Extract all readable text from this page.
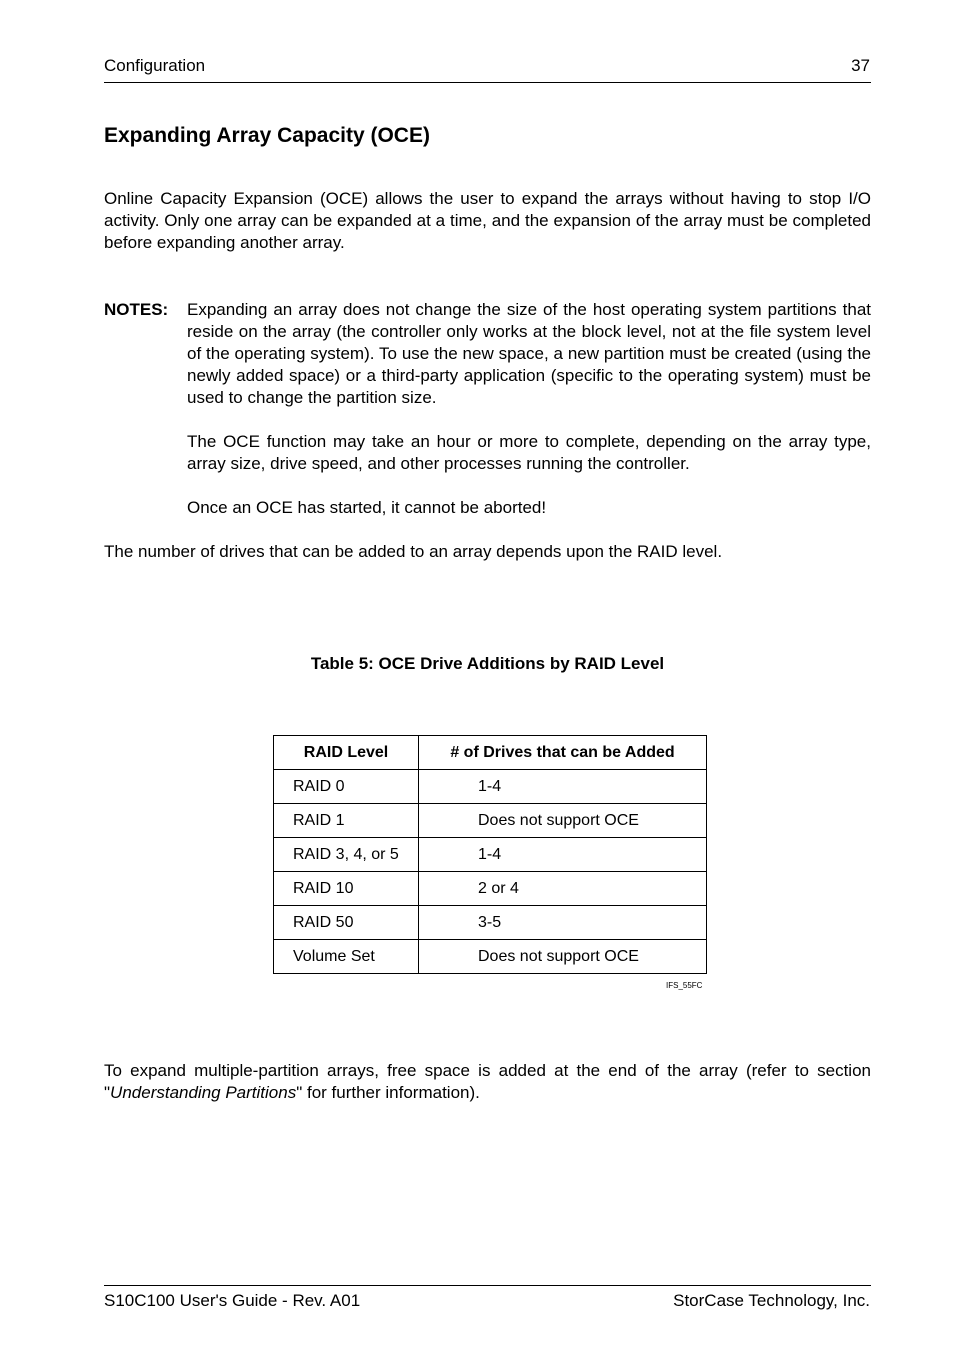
Configuration	37
Expanding Array Capacity (OCE)
Online Capacity Expansion (OCE) allows the user to expand the arrays without having to stop I/O activity. Only one array can be expanded at a time, and the expansion of the array must be completed before expanding another array.
NOTES: Expanding an array does not change the size of the host operating system partitions that reside on the array (the controller only works at the block level, not at the file system level of the operating system). To use the new space, a new partition must be created (using the newly added space) or a third-party application (specific to the operating system) must be used to change the partition size.
The OCE function may take an hour or more to complete, depending on the array type, array size, drive speed, and other processes running the controller.
Once an OCE has started, it cannot be aborted!
The number of drives that can be added to an array depends upon the RAID level.
Table 5: OCE Drive Additions by RAID Level
RAID Level	# of Drives that can be Added
RAID 0	1-4
RAID 1	Does not support OCE
RAID 3, 4, or 5	1-4
RAID 10	2 or 4
RAID 50	3-5
Volume Set	Does not support OCE
IFS_55FC
To expand multiple-partition arrays, free space is added at the end of the array (refer to section "Understanding Partitions" for further information).
S10C100 User's Guide - Rev. A01	StorCase Technology, Inc.
